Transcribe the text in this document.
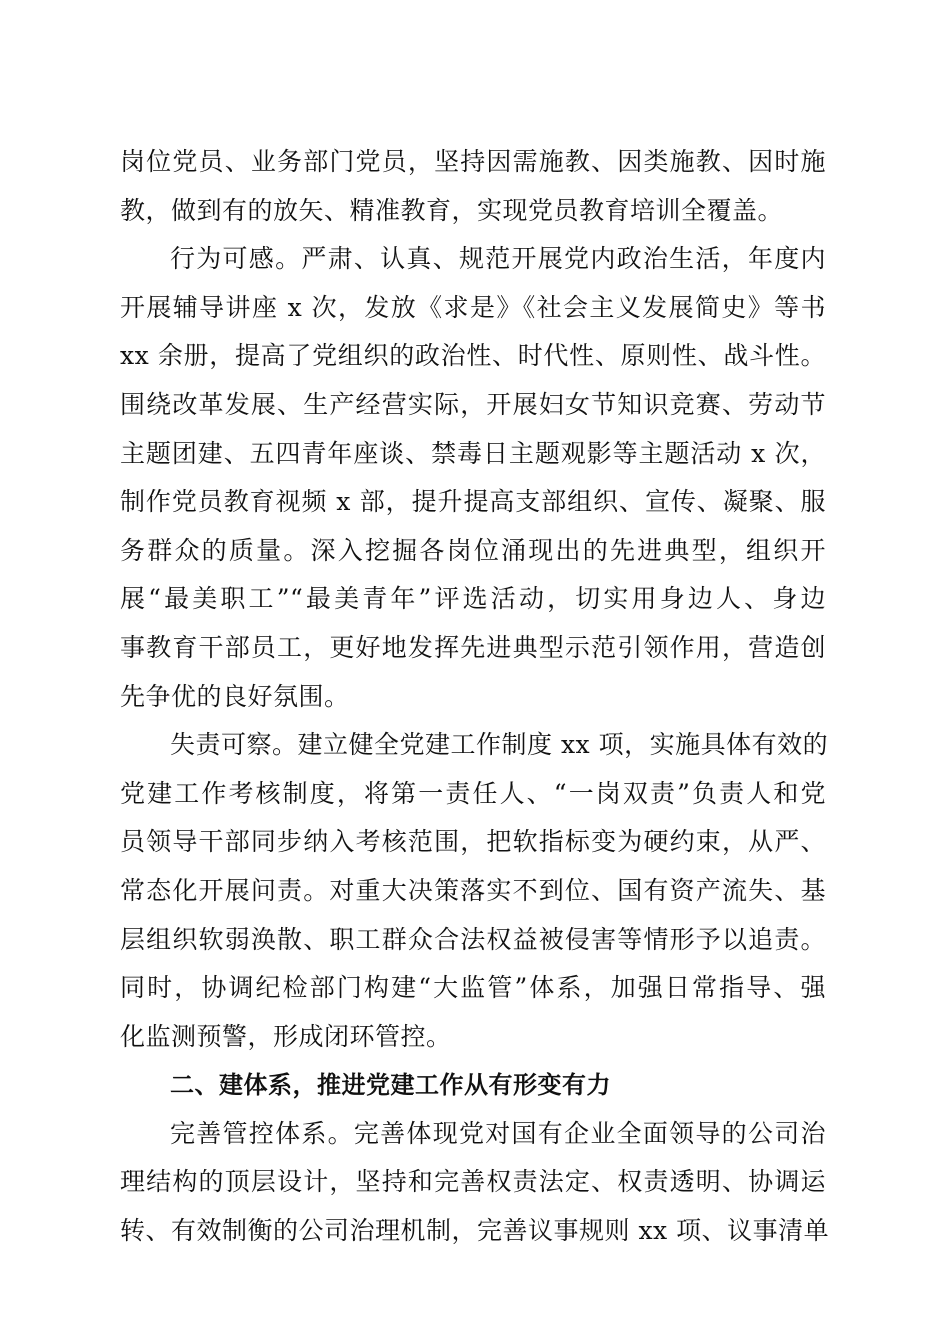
岗位党员、业务部门党员，坚持因需施教、因类施教、因时施
教，做到有的放矢、精准教育，实现党员教育培训全覆盖。
行为可感。严肃、认真、规范开展党内政治生活，年度内
开展辅导讲座 x 次，发放《求是》《社会主义发展简史》等书
xx 余册，提高了党组织的政治性、时代性、原则性、战斗性。
围绕改革发展、生产经营实际，开展妇女节知识竞赛、劳动节
主题团建、五四青年座谈、禁毒日主题观影等主题活动 x 次，
制作党员教育视频 x 部，提升提高支部组织、宣传、凝聚、服
务群众的质量。深入挖掘各岗位涌现出的先进典型，组织开
展“最美职工”“最美青年”评选活动，切实用身边人、身边
事教育干部员工，更好地发挥先进典型示范引领作用，营造创
先争优的良好氛围。
失责可察。建立健全党建工作制度 xx 项，实施具体有效的
党建工作考核制度，将第一责任人、“一岗双责”负责人和党
员领导干部同步纳入考核范围，把软指标变为硬约束，从严、
常态化开展问责。对重大决策落实不到位、国有资产流失、基
层组织软弱涣散、职工群众合法权益被侵害等情形予以追责。
同时，协调纪检部门构建“大监管”体系，加强日常指导、强
化监测预警，形成闭环管控。
二、建体系，推进党建工作从有形变有力
完善管控体系。完善体现党对国有企业全面领导的公司治
理结构的顶层设计，坚持和完善权责法定、权责透明、协调运
转、有效制衡的公司治理机制，完善议事规则 xx 项、议事清单
